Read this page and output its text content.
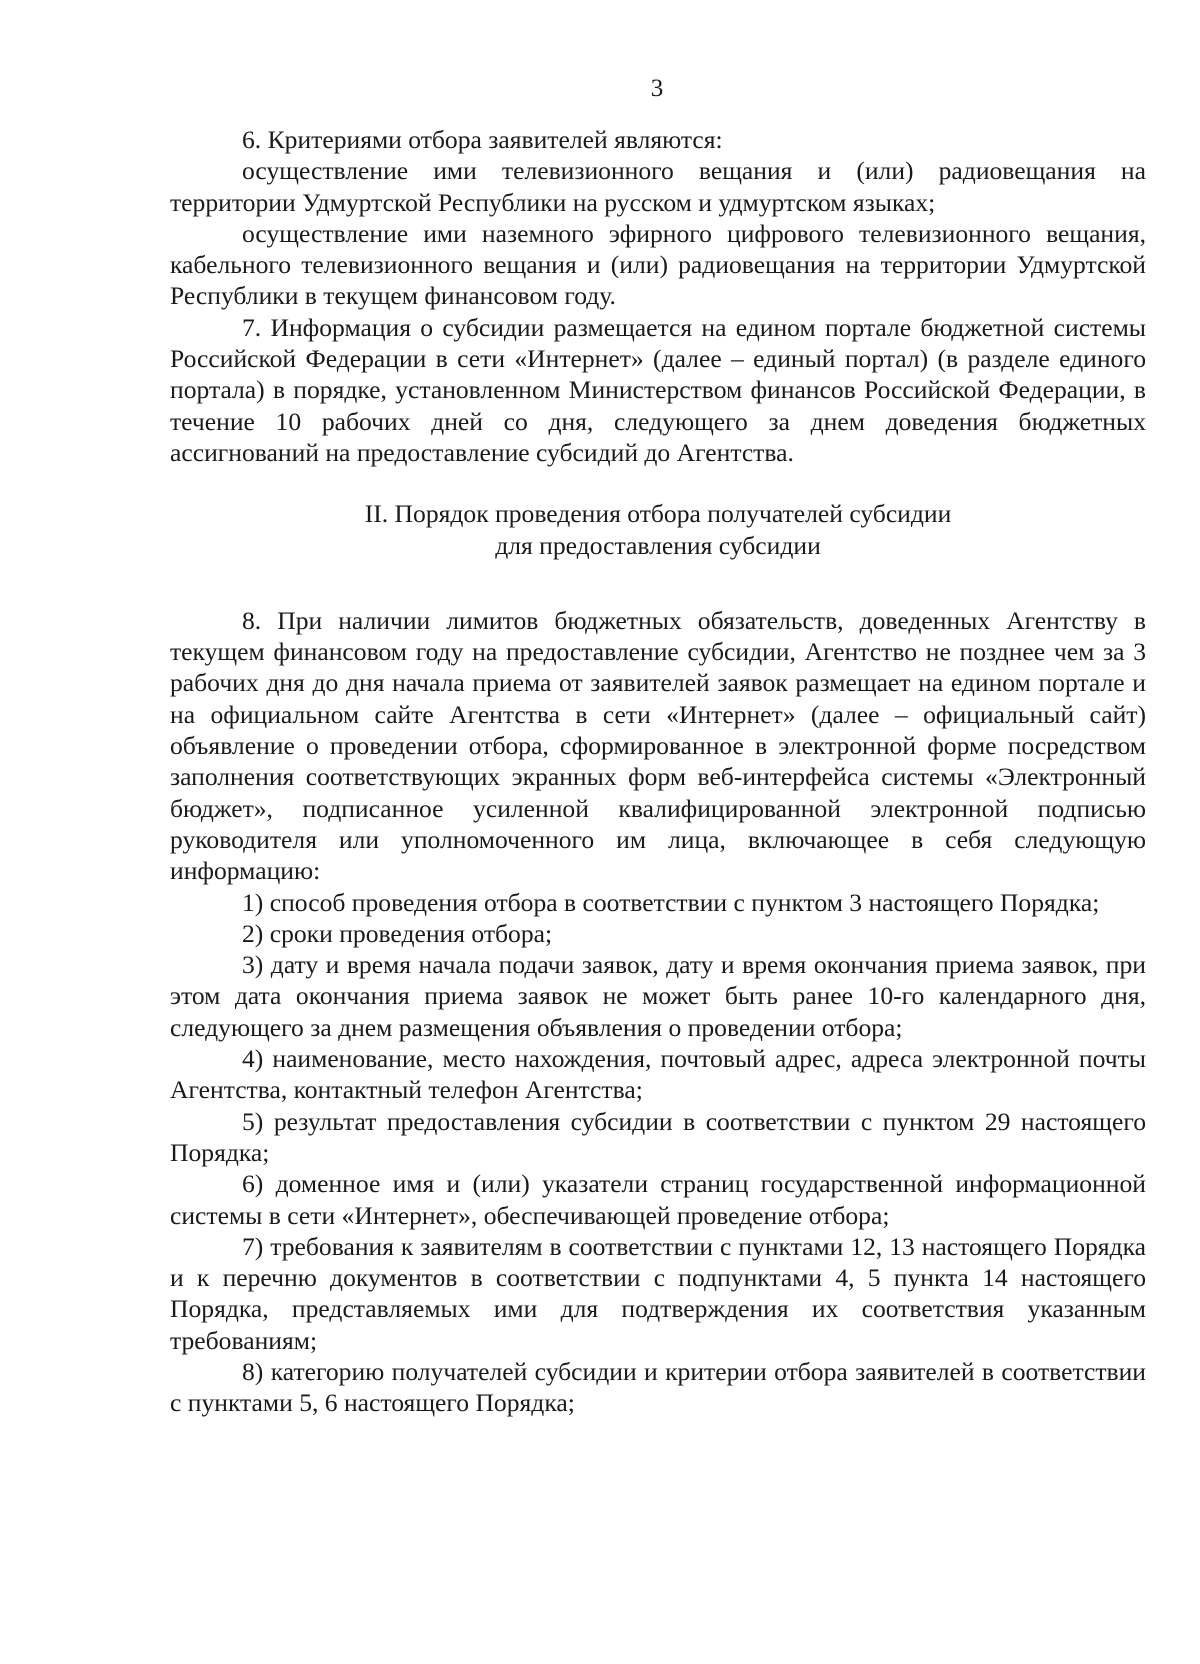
3

6. Критериями отбора заявителей являются:

осуществление ими телевизионного вещания и (или) радиовещания на территории Удмуртской Республики на русском и удмуртском языках;

осуществление ими наземного эфирного цифрового телевизионного вещания, кабельного телевизионного вещания и (или) радиовещания на территории Удмуртской Республики в текущем финансовом году.

7. Информация о субсидии размещается на едином портале бюджетной системы Российской Федерации в сети «Интернет» (далее – единый портал) (в разделе единого портала) в порядке, установленном Министерством финансов Российской Федерации, в течение 10 рабочих дней со дня, следующего за днем доведения бюджетных ассигнований на предоставление субсидий до Агентства.

II. Порядок проведения отбора получателей субсидии
для предоставления субсидии

8. При наличии лимитов бюджетных обязательств, доведенных Агентству в текущем финансовом году на предоставление субсидии, Агентство не позднее чем за 3 рабочих дня до дня начала приема от заявителей заявок размещает на едином портале и на официальном сайте Агентства в сети «Интернет» (далее – официальный сайт) объявление о проведении отбора, сформированное в электронной форме посредством заполнения соответствующих экранных форм веб-интерфейса системы «Электронный бюджет», подписанное усиленной квалифицированной электронной подписью руководителя или уполномоченного им лица, включающее в себя следующую информацию:

1) способ проведения отбора в соответствии с пунктом 3 настоящего Порядка;

2) сроки проведения отбора;

3) дату и время начала подачи заявок, дату и время окончания приема заявок, при этом дата окончания приема заявок не может быть ранее 10-го календарного дня, следующего за днем размещения объявления о проведении отбора;

4) наименование, место нахождения, почтовый адрес, адреса электронной почты Агентства, контактный телефон Агентства;

5) результат предоставления субсидии в соответствии с пунктом 29 настоящего Порядка;

6) доменное имя и (или) указатели страниц государственной информационной системы в сети «Интернет», обеспечивающей проведение отбора;

7) требования к заявителям в соответствии с пунктами 12, 13 настоящего Порядка и к перечню документов в соответствии с подпунктами 4, 5 пункта 14 настоящего Порядка, представляемых ими для подтверждения их соответствия указанным требованиям;

8) категорию получателей субсидии и критерии отбора заявителей в соответствии с пунктами 5, 6 настоящего Порядка;
